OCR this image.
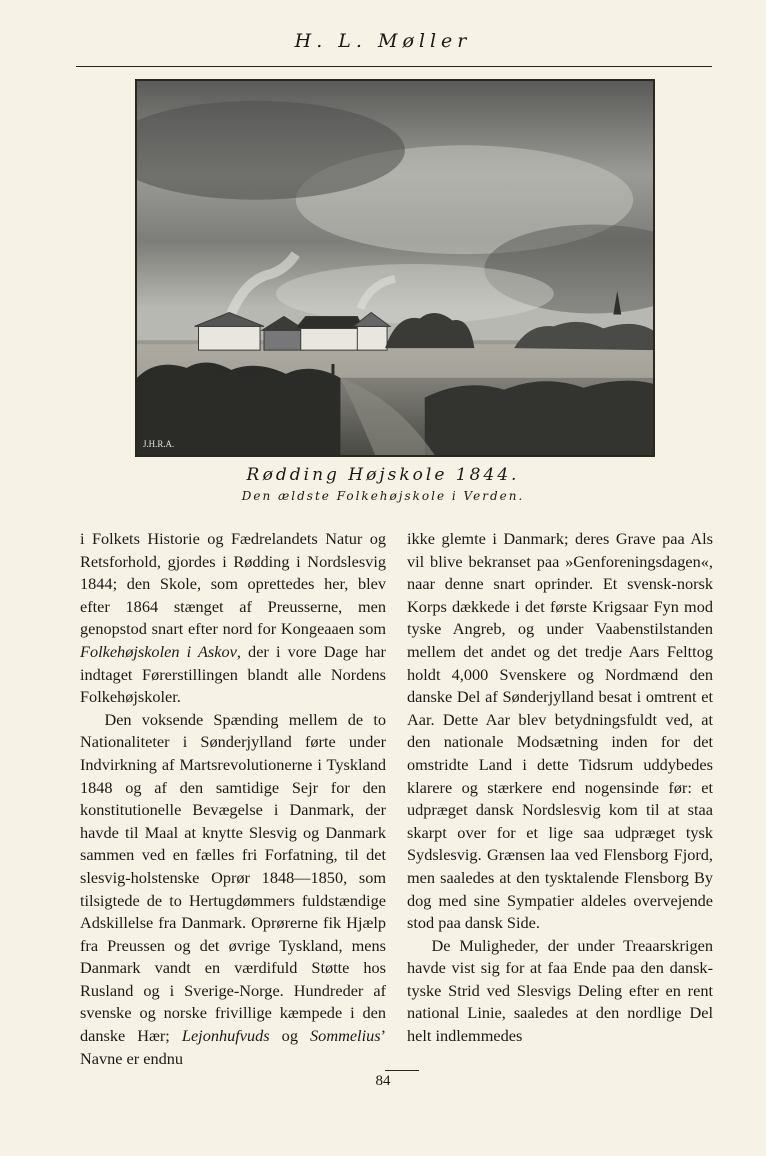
H. L. Møller
J.H.R.A.
Rødding Højskole 1844.
Den ældste Folkehøjskole i Verden.

i Folkets Historie og Fædrelandets Natur og Retsforhold, gjordes i Rødding i Nordslesvig 1844; den Skole, som oprettedes her, blev efter 1864 stænget af Preusserne, men genopstod snart efter nord for Kongeaaen som Folkehøjskolen i Askov, der i vore Dage har indtaget Førerstillingen blandt alle Nordens Folkehøjskoler.

Den voksende Spænding mellem de to Nationaliteter i Sønderjylland førte under Indvirkning af Martsrevolutionerne i Tyskland 1848 og af den samtidige Sejr for den konstitutionelle Bevægelse i Danmark, der havde til Maal at knytte Slesvig og Danmark sammen ved en fælles fri Forfatning, til det slesvig-holstenske Oprør 1848—1850, som tilsigtede de to Hertugdømmers fuldstændige Adskillelse fra Danmark. Oprørerne fik Hjælp fra Preussen og det øvrige Tyskland, mens Danmark vandt en værdifuld Støtte hos Rusland og i Sverige-Norge. Hundreder af svenske og norske frivillige kæmpede i den danske Hær; Lejonhufvuds og Sommelius’ Navne er endnu

ikke glemte i Danmark; deres Grave paa Als vil blive bekranset paa »Genforeningsdagen«, naar denne snart oprinder. Et svensk-norsk Korps dækkede i det første Krigsaar Fyn mod tyske Angreb, og under Vaabenstilstanden mellem det andet og det tredje Aars Felttog holdt 4,000 Svenskere og Nordmænd den danske Del af Sønderjylland besat i omtrent et Aar. Dette Aar blev betydningsfuldt ved, at den nationale Modsætning inden for det omstridte Land i dette Tidsrum uddybedes klarere og stærkere end nogensinde før: et udpræget dansk Nordslesvig kom til at staa skarpt over for et lige saa udpræget tysk Sydslesvig. Grænsen laa ved Flensborg Fjord, men saaledes at den tysktalende Flensborg By dog med sine Sympatier aldeles overvejende stod paa dansk Side.

De Muligheder, der under Treaarskrigen havde vist sig for at faa Ende paa den dansk-tyske Strid ved Slesvigs Deling efter en rent national Linie, saaledes at den nordlige Del helt indlemmedes

84
